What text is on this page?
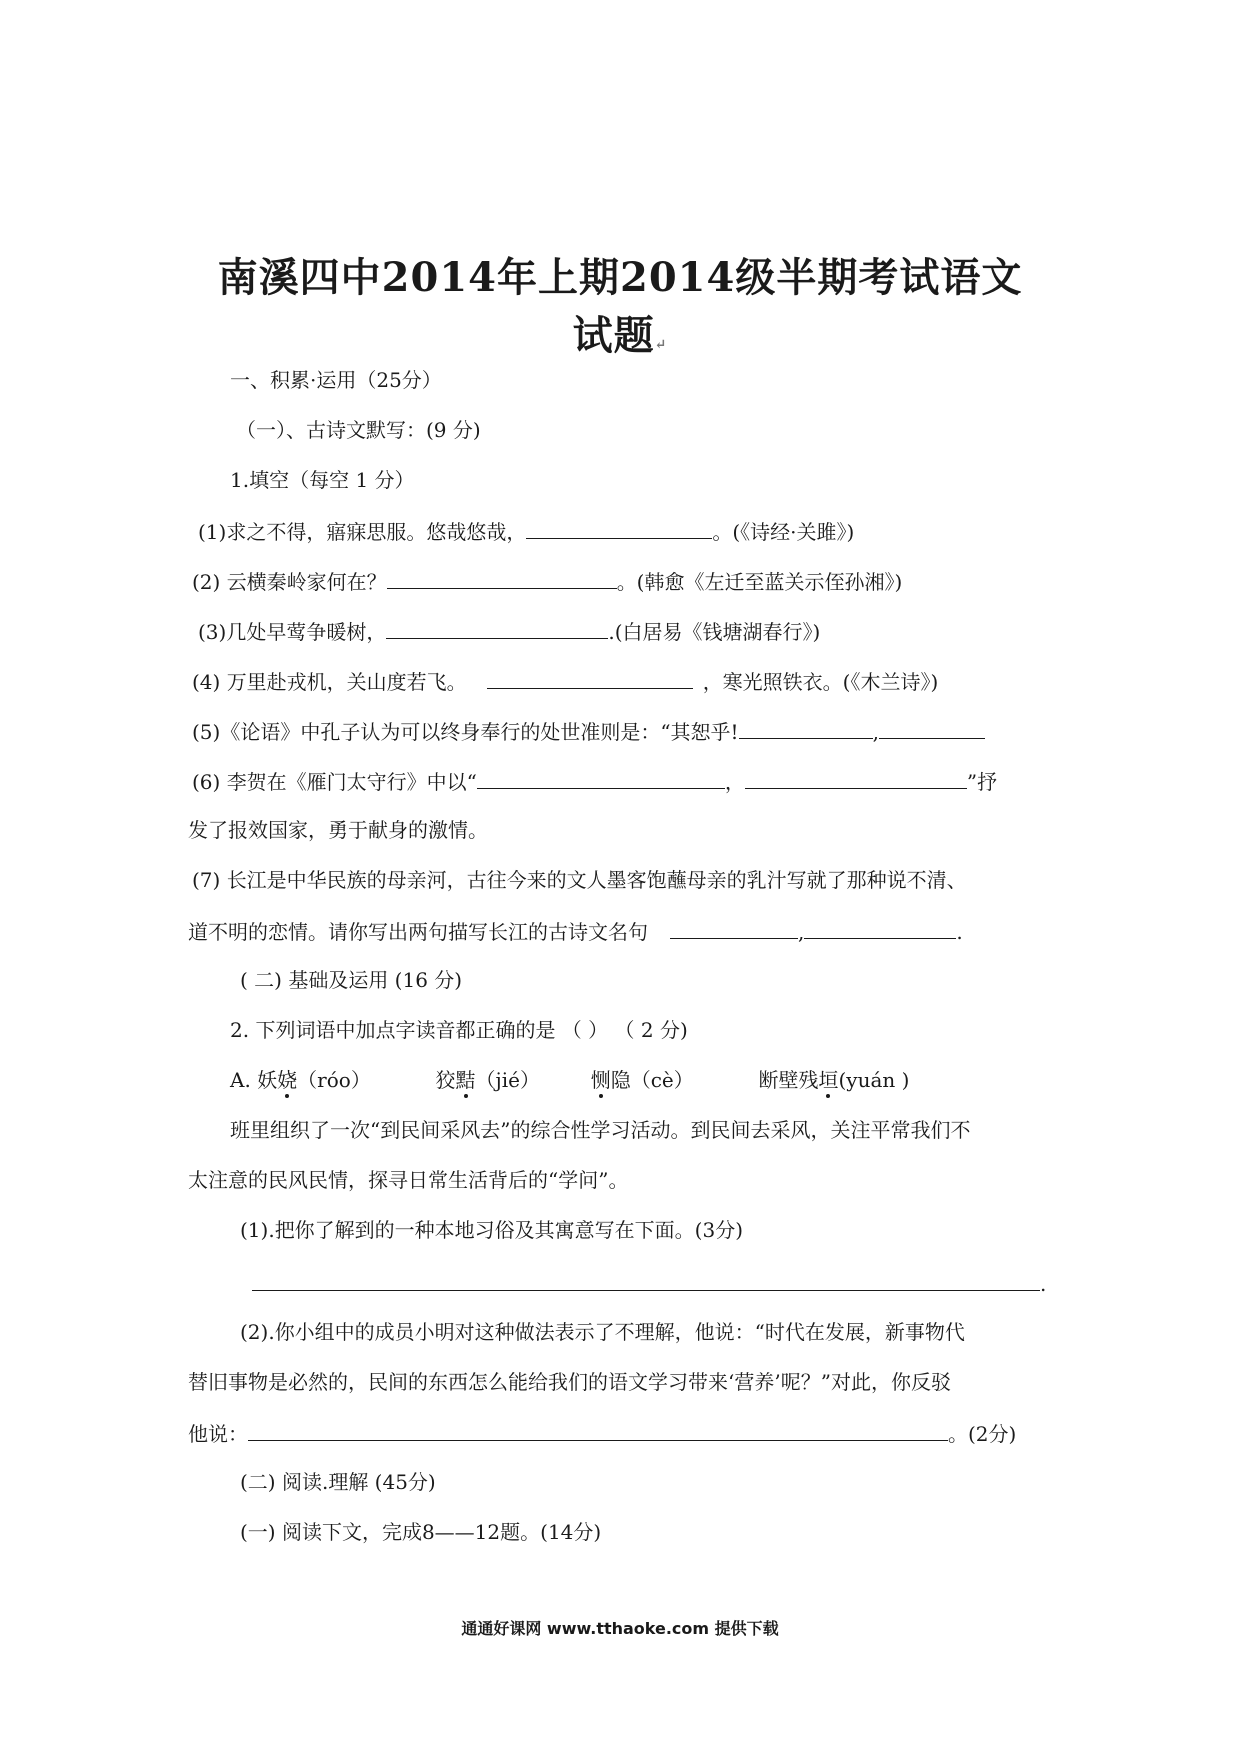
南溪四中2014年上期2014级半期考试语文
试题↵
一、积累·运用（25分）
（一）、古诗文默写：(9 分)
1.填空（每空 1 分）
(1)求之不得，寤寐思服。悠哉悠哉，	。(《诗经·关雎》)
(2) 云横秦岭家何在？	。(韩愈《左迁至蓝关示侄孙湘》)
(3)几处早莺争暖树，	.(白居易《钱塘湖春行》)
(4) 万里赴戎机，关山度若飞。	，寒光照铁衣。(《木兰诗》)
(5)《论语》中孔子认为可以终身奉行的处世准则是：“其恕乎!	,
(6) 李贺在《雁门太守行》中以“	，	”抒
发了报效国家，勇于献身的激情。
(7) 长江是中华民族的母亲河，古往今来的文人墨客饱蘸母亲的乳汁写就了那种说不清、
道不明的恋情。请你写出两句描写长江的古诗文名句	,	.
( 二) 基础及运用 (16 分)
2. 下列词语中加点字读音都正确的是 （ ） （ 2 分)
A. 妖娆（róo）	狡黠（jié）	恻隐（cè）	断壁残垣(yuán )
班里组织了一次“到民间采风去”的综合性学习活动。到民间去采风，关注平常我们不
太注意的民风民情，探寻日常生活背后的“学问”。
(1).把你了解到的一种本地习俗及其寓意写在下面。(3分)
.
(2).你小组中的成员小明对这种做法表示了不理解，他说：“时代在发展，新事物代
替旧事物是必然的，民间的东西怎么能给我们的语文学习带来‘营养’呢？”对此，你反驳
他说：	。(2分)
(二) 阅读.理解 (45分)
(一) 阅读下文，完成8——12题。(14分)
通通好课网 www.tthaoke.com 提供下载
